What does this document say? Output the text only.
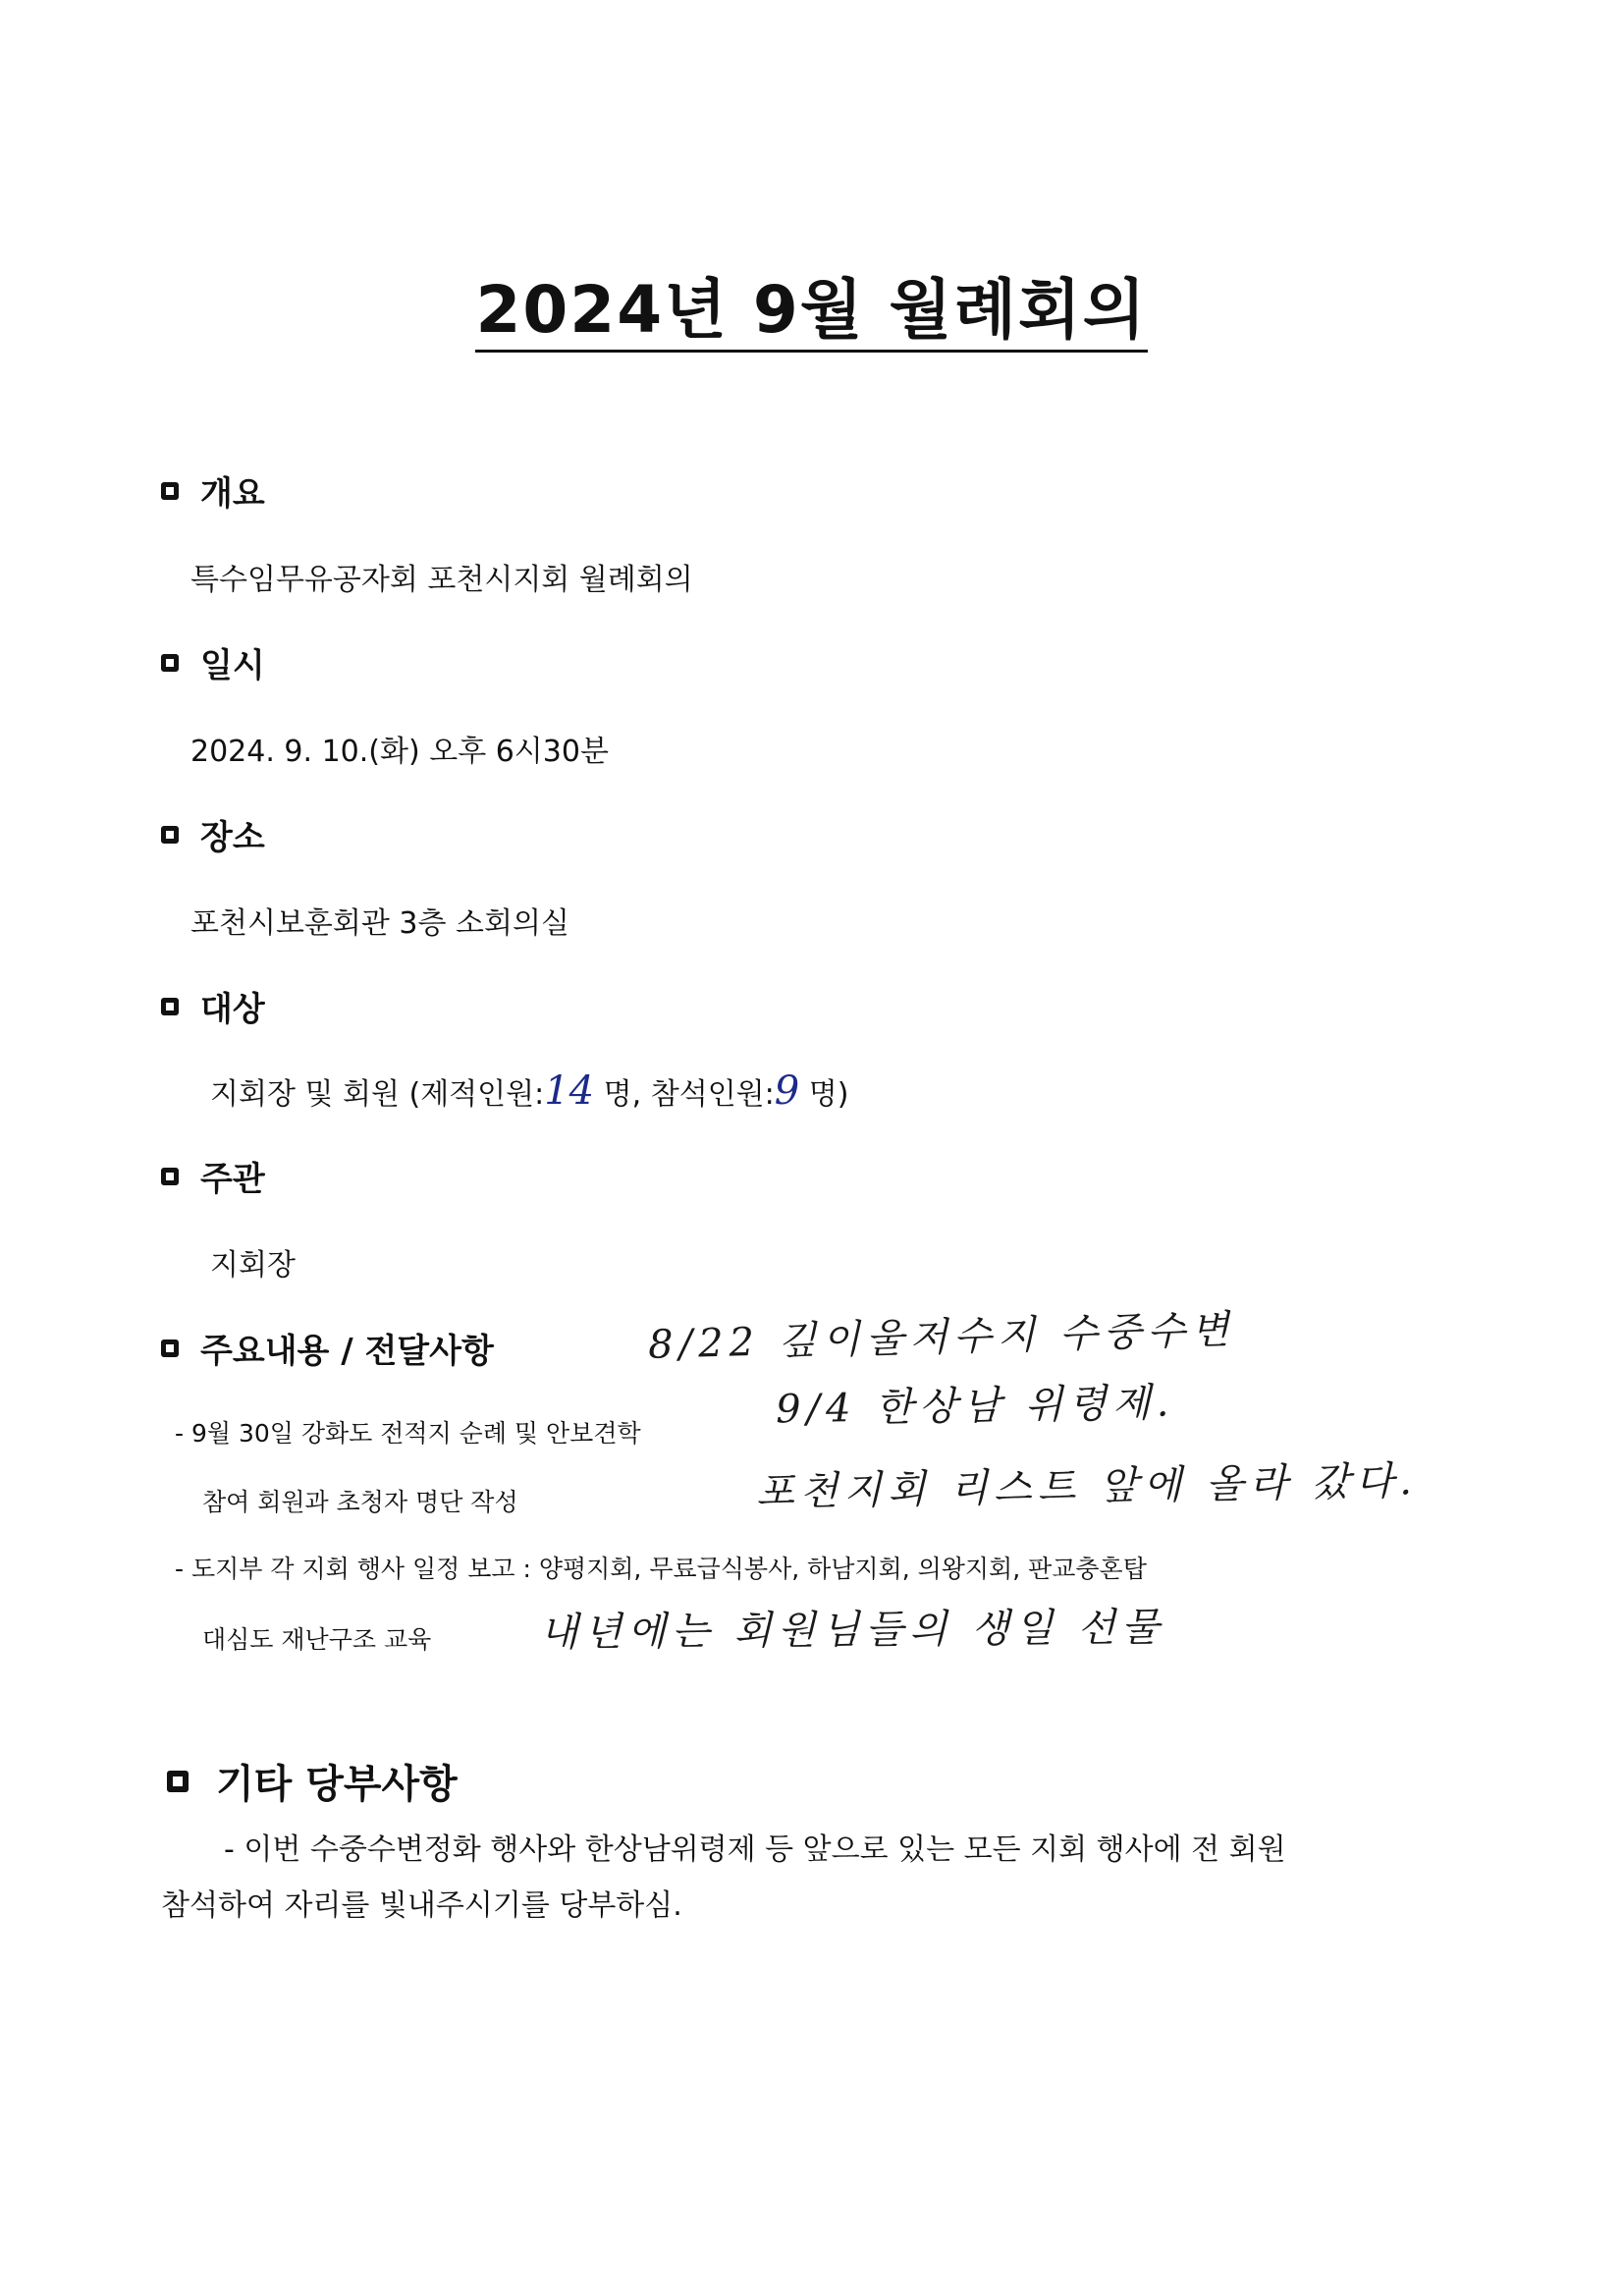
2024년 9월 월례회의
개요
특수임무유공자회 포천시지회 월례회의
일시
2024. 9. 10.(화) 오후 6시30분
장소
포천시보훈회관 3층 소회의실
대상
지회장 및 회원 (제적인원:14 명, 참석인원:9 명)
주관
지회장
주요내용 / 전달사항
- 9월 30일 강화도 전적지 순례 및 안보견학
참여 회원과 초청자 명단 작성
- 도지부 각 지회 행사 일정 보고 : 양평지회, 무료급식봉사, 하남지회, 의왕지회, 판교충혼탑
대심도 재난구조 교육
8/22 깊이울저수지 수중수변
9/4 한상남 위령제.
포천지회 리스트 앞에 올라 갔다.
내년에는 회원님들의 생일 선물
기타 당부사항
- 이번 수중수변정화 행사와 한상남위령제 등 앞으로 있는 모든 지회 행사에 전 회원
참석하여 자리를 빛내주시기를 당부하심.
